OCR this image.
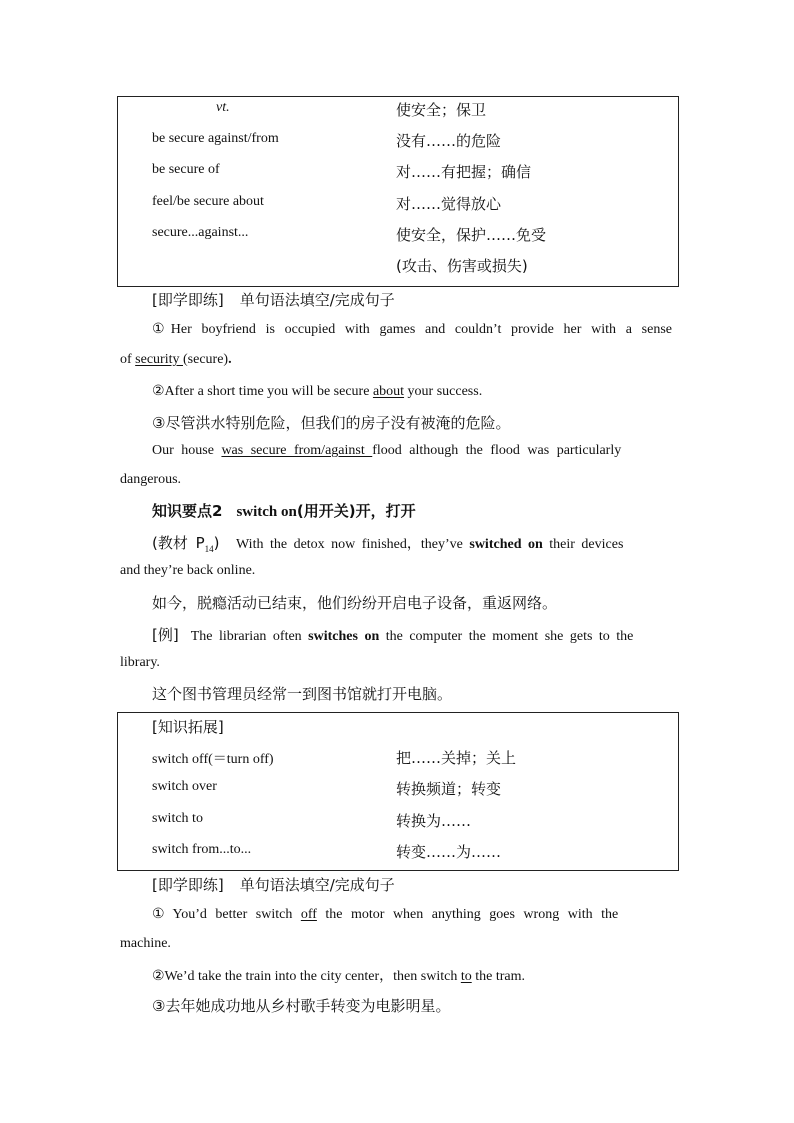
vt.	使安全；保卫
be secure against/from	没有……的危险
be secure of	对……有把握；确信
feel/be secure about	对……觉得放心
secure...against...	使安全，保护……免受
(攻击、伤害或损失)
[即学即练] 单句语法填空/完成句子
①Her boyfriend is occupied with games and couldn’t provide her with a sense
of security (secure).
②After a short time you will be secure about your success.
③尽管洪水特别危险，但我们的房子没有被淹的危险。
Our house was secure from/against flood although the flood was particularly
dangerous.
知识要点2 switch on(用开关)开，打开
(教材 $P_{14}$) With the detox now finished，they’ve switched on their devices
and they’re back online.
如今，脱瘾活动已结束，他们纷纷开启电子设备，重返网络。
[例] The librarian often switches on the computer the moment she gets to the
library.
这个图书管理员经常一到图书馆就打开电脑。
[知识拓展]
switch off(＝turn off)	把……关掉；关上
switch over	转换频道；转变
switch to	转换为……
switch from...to...	转变……为……
[即学即练] 单句语法填空/完成句子
① You’d better switch off the motor when anything goes wrong with the
machine.
②We’d take the train into the city center，then switch to the tram.
③去年她成功地从乡村歌手转变为电影明星。
